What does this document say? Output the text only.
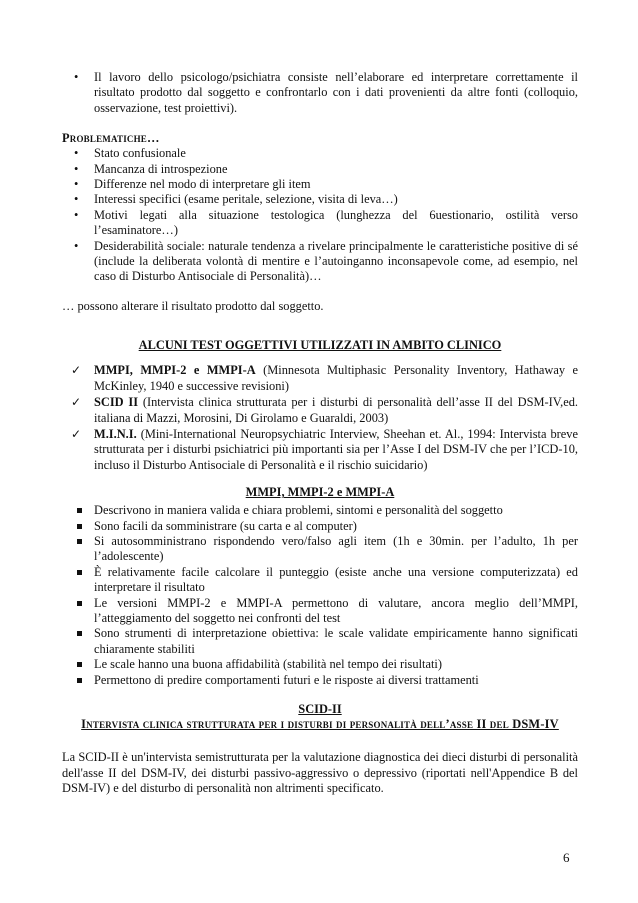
• Il lavoro dello psicologo/psichiatra consiste nell’elaborare ed interpretare correttamente il risultato prodotto dal soggetto e confrontarlo con i dati provenienti da altre fonti (colloquio, osservazione, test proiettivi).
Problematiche…
• Stato confusionale
• Mancanza di introspezione
• Differenze nel modo di interpretare gli item
• Interessi specifici (esame peritale, selezione, visita di leva…)
• Motivi legati alla situazione testologica (lunghezza del 6uestionario, ostilità verso l’esaminatore…)
• Desiderabilità sociale: naturale tendenza a rivelare principalmente le caratteristiche positive di sé (include la deliberata volontà di mentire e l’autoinganno inconsapevole come, ad esempio, nel caso di Disturbo Antisociale di Personalità)…

… possono alterare il risultato prodotto dal soggetto.

ALCUNI TEST OGGETTIVI UTILIZZATI IN AMBITO CLINICO
✓ MMPI, MMPI-2 e MMPI-A (Minnesota Multiphasic Personality Inventory, Hathaway e McKinley, 1940 e successive revisioni)
✓ SCID II (Intervista clinica strutturata per i disturbi di personalità dell’asse II del DSM-IV,ed. italiana di Mazzi, Morosini, Di Girolamo e Guaraldi, 2003)
✓ M.I.N.I. (Mini-International Neuropsychiatric Interview, Sheehan et. Al., 1994: Intervista breve strutturata per i disturbi psichiatrici più importanti sia per l’Asse I del DSM-IV che per l’ICD-10, incluso il Disturbo Antisociale di Personalità e il rischio suicidario)
MMPI, MMPI-2 e MMPI-A
Descrivono in maniera valida e chiara problemi, sintomi e personalità del soggetto
Sono facili da somministrare (su carta e al computer)
Si autosomministrano rispondendo vero/falso agli item (1h e 30min. per l’adulto, 1h per l’adolescente)
È relativamente facile calcolare il punteggio (esiste anche una versione computerizzata) ed interpretare il risultato
Le versioni MMPI-2 e MMPI-A permettono di valutare, ancora meglio dell’MMPI, l’atteggiamento del soggetto nei confronti del test
Sono strumenti di interpretazione obiettiva: le scale validate empiricamente hanno significati chiaramente stabiliti
Le scale hanno una buona affidabilità (stabilità nel tempo dei risultati)
Permettono di predire comportamenti futuri e le risposte ai diversi trattamenti
SCID-II
Intervista clinica strutturata per i disturbi di personalità dell’asse II del DSM-IV

La SCID-II è un'intervista semistrutturata per la valutazione diagnostica dei dieci disturbi di personalità dell'asse II del DSM-IV, dei disturbi passivo-aggressivo o depressivo (riportati nell'Appendice B del DSM-IV) e del disturbo di personalità non altrimenti specificato.

6
